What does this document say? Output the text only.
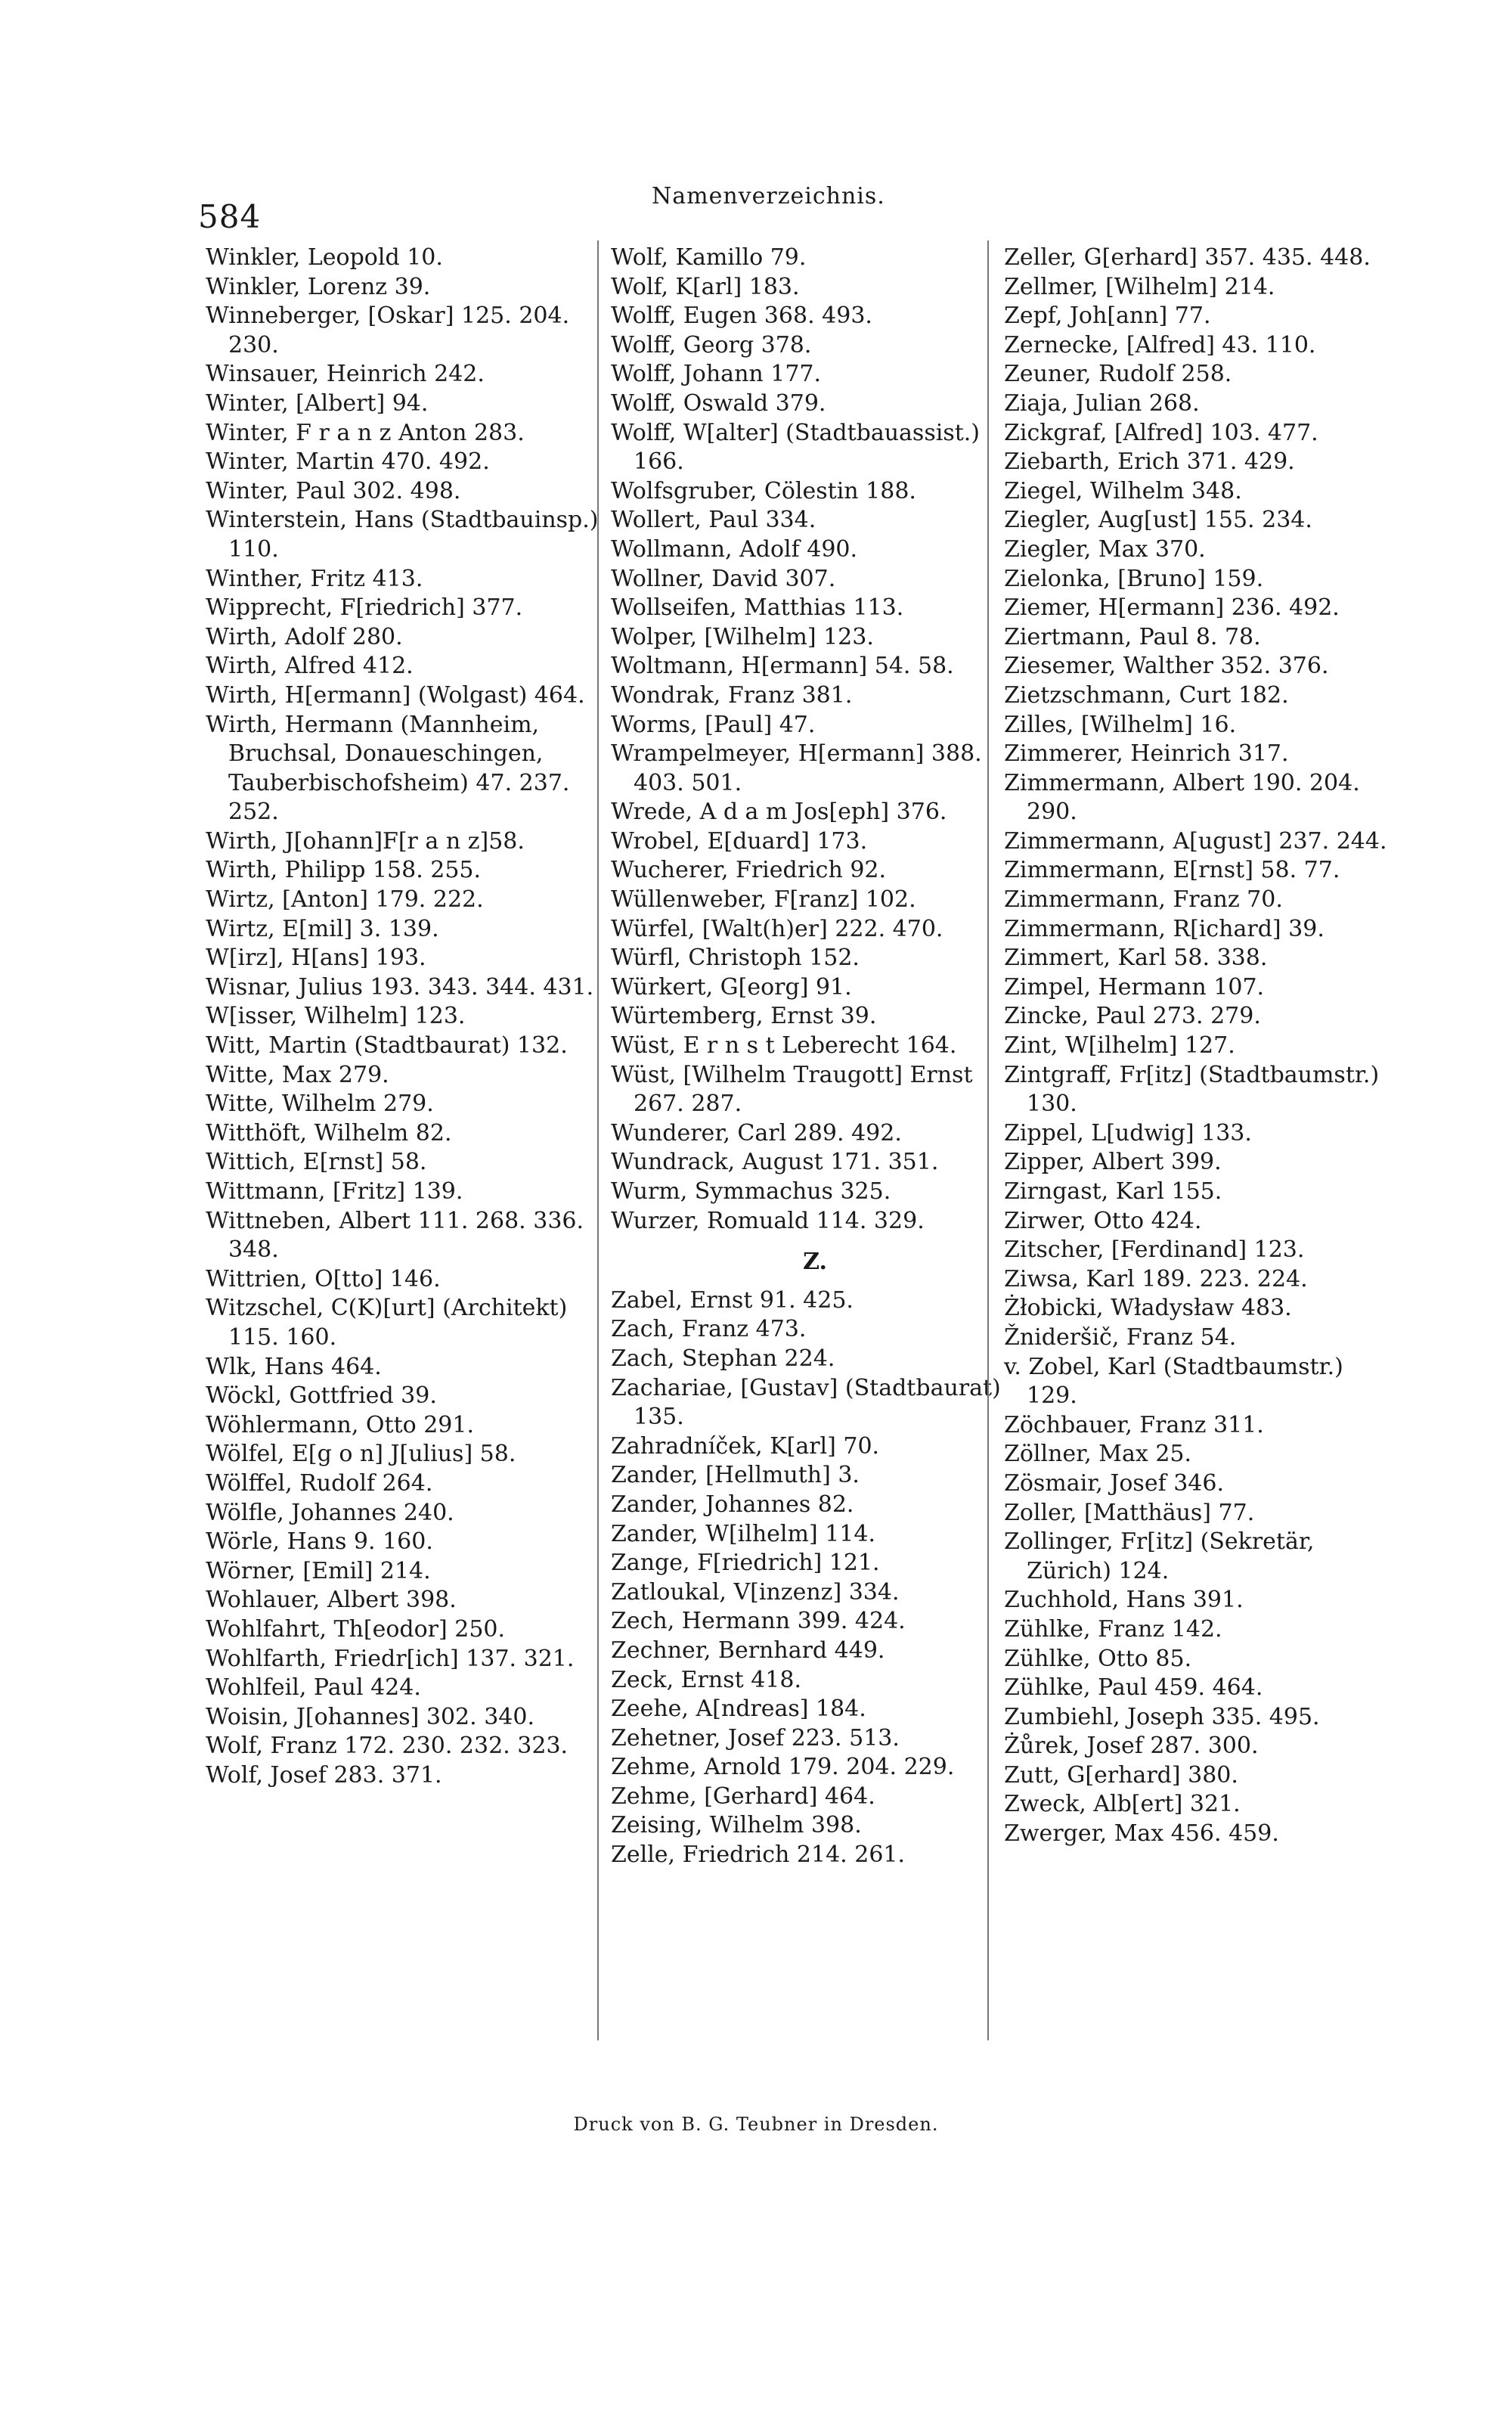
584
Namenverzeichnis.

Winkler, Leopold 10.

Winkler, Lorenz 39.

Winneberger, [Oskar] 125. 204. 230.

Winsauer, Heinrich 242.

Winter, [Albert] 94.

Winter, F r a n z Anton 283.

Winter, Martin 470. 492.

Winter, Paul 302. 498.

Winterstein, Hans (Stadtbauinsp.) 110.

Winther, Fritz 413.

Wipprecht, F[riedrich] 377.

Wirth, Adolf 280.

Wirth, Alfred 412.

Wirth, H[ermann] (Wolgast) 464.

Wirth, Hermann (Mannheim, Bruchsal, Donaueschingen, Tauberbischofsheim) 47. 237. 252.

Wirth, J[ohann]F[r a n z]58.

Wirth, Philipp 158. 255.

Wirtz, [Anton] 179. 222.

Wirtz, E[mil] 3. 139.

W[irz], H[ans] 193.

Wisnar, Julius 193. 343. 344. 431.

W[isser, Wilhelm] 123.

Witt, Martin (Stadtbaurat) 132.

Witte, Max 279.

Witte, Wilhelm 279.

Witthöft, Wilhelm 82.

Wittich, E[rnst] 58.

Wittmann, [Fritz] 139.

Wittneben, Albert 111. 268. 336. 348.

Wittrien, O[tto] 146.

Witzschel, C(K)[urt] (Architekt) 115. 160.

Wlk, Hans 464.

Wöckl, Gottfried 39.

Wöhlermann, Otto 291.

Wölfel, E[g o n] J[ulius] 58.

Wölffel, Rudolf 264.

Wölfle, Johannes 240.

Wörle, Hans 9. 160.

Wörner, [Emil] 214.

Wohlauer, Albert 398.

Wohlfahrt, Th[eodor] 250.

Wohlfarth, Friedr[ich] 137. 321.

Wohlfeil, Paul 424.

Woisin, J[ohannes] 302. 340.

Wolf, Franz 172. 230. 232. 323.

Wolf, Josef 283. 371.

Wolf, Kamillo 79.

Wolf, K[arl] 183.

Wolff, Eugen 368. 493.

Wolff, Georg 378.

Wolff, Johann 177.

Wolff, Oswald 379.

Wolff, W[alter] (Stadtbauassist.) 166.

Wolfsgruber, Cölestin 188.

Wollert, Paul 334.

Wollmann, Adolf 490.

Wollner, David 307.

Wollseifen, Matthias 113.

Wolper, [Wilhelm] 123.

Woltmann, H[ermann] 54. 58.

Wondrak, Franz 381.

Worms, [Paul] 47.

Wrampelmeyer, H[ermann] 388. 403. 501.

Wrede, A d a m Jos[eph] 376.

Wrobel, E[duard] 173.

Wucherer, Friedrich 92.

Wüllenweber, F[ranz] 102.

Würfel, [Walt(h)er] 222. 470.

Würfl, Christoph 152.

Würkert, G[eorg] 91.

Würtemberg, Ernst 39.

Wüst, E r n s t Leberecht 164.

Wüst, [Wilhelm Traugott] Ernst 267. 287.

Wunderer, Carl 289. 492.

Wundrack, August 171. 351.

Wurm, Symmachus 325.

Wurzer, Romuald 114. 329.

Z.

Zabel, Ernst 91. 425.

Zach, Franz 473.

Zach, Stephan 224.

Zachariae, [Gustav] (Stadtbaurat) 135.

Zahradníček, K[arl] 70.

Zander, [Hellmuth] 3.

Zander, Johannes 82.

Zander, W[ilhelm] 114.

Zange, F[riedrich] 121.

Zatloukal, V[inzenz] 334.

Zech, Hermann 399. 424.

Zechner, Bernhard 449.

Zeck, Ernst 418.

Zeehe, A[ndreas] 184.

Zehetner, Josef 223. 513.

Zehme, Arnold 179. 204. 229.

Zehme, [Gerhard] 464.

Zeising, Wilhelm 398.

Zelle, Friedrich 214. 261.

Zeller, G[erhard] 357. 435. 448.

Zellmer, [Wilhelm] 214.

Zepf, Joh[ann] 77.

Zernecke, [Alfred] 43. 110.

Zeuner, Rudolf 258.

Ziaja, Julian 268.

Zickgraf, [Alfred] 103. 477.

Ziebarth, Erich 371. 429.

Ziegel, Wilhelm 348.

Ziegler, Aug[ust] 155. 234.

Ziegler, Max 370.

Zielonka, [Bruno] 159.

Ziemer, H[ermann] 236. 492.

Ziertmann, Paul 8. 78.

Ziesemer, Walther 352. 376.

Zietzschmann, Curt 182.

Zilles, [Wilhelm] 16.

Zimmerer, Heinrich 317.

Zimmermann, Albert 190. 204. 290.

Zimmermann, A[ugust] 237. 244.

Zimmermann, E[rnst] 58. 77.

Zimmermann, Franz 70.

Zimmermann, R[ichard] 39.

Zimmert, Karl 58. 338.

Zimpel, Hermann 107.

Zincke, Paul 273. 279.

Zint, W[ilhelm] 127.

Zintgraff, Fr[itz] (Stadtbaumstr.) 130.

Zippel, L[udwig] 133.

Zipper, Albert 399.

Zirngast, Karl 155.

Zirwer, Otto 424.

Zitscher, [Ferdinand] 123.

Ziwsa, Karl 189. 223. 224.

Żłobicki, Władysław 483.

Žnideršič, Franz 54.

v. Zobel, Karl (Stadtbaumstr.) 129.

Zöchbauer, Franz 311.

Zöllner, Max 25.

Zösmair, Josef 346.

Zoller, [Matthäus] 77.

Zollinger, Fr[itz] (Sekretär, Zürich) 124.

Zuchhold, Hans 391.

Zühlke, Franz 142.

Zühlke, Otto 85.

Zühlke, Paul 459. 464.

Zumbiehl, Joseph 335. 495.

Żůrek, Josef 287. 300.

Zutt, G[erhard] 380.

Zweck, Alb[ert] 321.

Zwerger, Max 456. 459.

Druck von B. G. Teubner in Dresden.
